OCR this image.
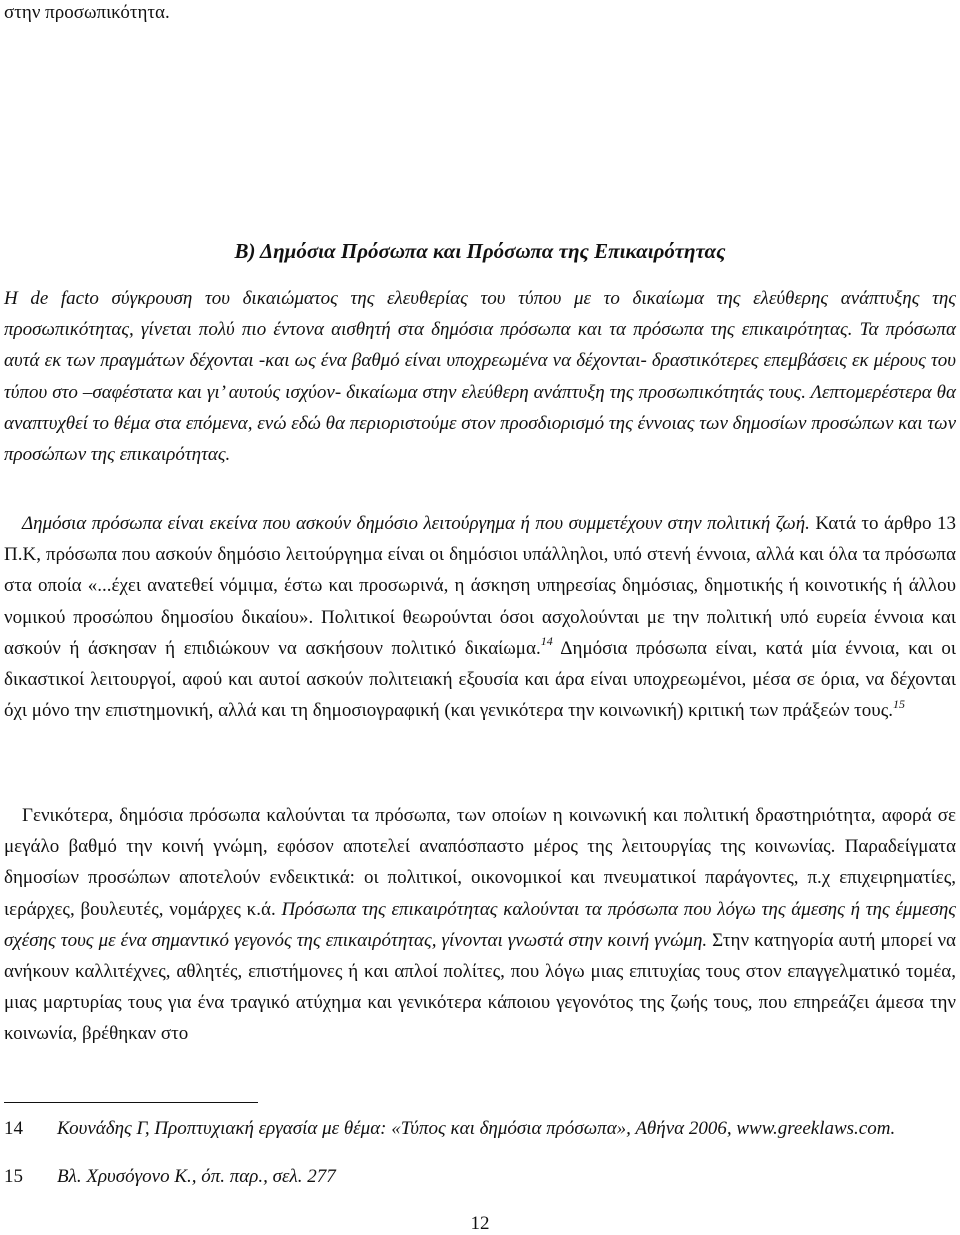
στην προσωπικότητα.
Β) Δημόσια Πρόσωπα και Πρόσωπα της Επικαιρότητας
Η de facto σύγκρουση του δικαιώματος της ελευθερίας του τύπου με το δικαίωμα της ελεύθερης ανάπτυξης της προσωπικότητας, γίνεται πολύ πιο έντονα αισθητή στα δημόσια πρόσωπα και τα πρόσωπα της επικαιρότητας. Τα πρόσωπα αυτά εκ των πραγμάτων δέχονται -και ως ένα βαθμό είναι υποχρεωμένα να δέχονται- δραστικότερες επεμβάσεις εκ μέρους του τύπου στο –σαφέστατα και γι’ αυτούς ισχύον- δικαίωμα στην ελεύθερη ανάπτυξη της προσωπικότητάς τους. Λεπτομερέστερα θα αναπτυχθεί το θέμα στα επόμενα, ενώ εδώ θα περιοριστούμε στον προσδιορισμό της έννοιας των δημοσίων προσώπων και των προσώπων της επικαιρότητας.
Δημόσια πρόσωπα είναι εκείνα που ασκούν δημόσιο λειτούργημα ή που συμμετέχουν στην πολιτική ζωή. Κατά το άρθρο 13 Π.Κ, πρόσωπα που ασκούν δημόσιο λειτούργημα είναι οι δημόσιοι υπάλληλοι, υπό στενή έννοια, αλλά και όλα τα πρόσωπα στα οποία «...έχει ανατεθεί νόμιμα, έστω και προσωρινά, η άσκηση υπηρεσίας δημόσιας, δημοτικής ή κοινοτικής ή άλλου νομικού προσώπου δημοσίου δικαίου». Πολιτικοί θεωρούνται όσοι ασχολούνται με την πολιτική υπό ευρεία έννοια και ασκούν ή άσκησαν ή επιδιώκουν να ασκήσουν πολιτικό δικαίωμα.$^{14}$ Δημόσια πρόσωπα είναι, κατά μία έννοια, και οι δικαστικοί λειτουργοί, αφού και αυτοί ασκούν πολιτειακή εξουσία και άρα είναι υποχρεωμένοι, μέσα σε όρια, να δέχονται όχι μόνο την επιστημονική, αλλά και τη δημοσιογραφική (και γενικότερα την κοινωνική) κριτική των πράξεών τους.$^{15}$
Γενικότερα, δημόσια πρόσωπα καλούνται τα πρόσωπα, των οποίων η κοινωνική και πολιτική δραστηριότητα, αφορά σε μεγάλο βαθμό την κοινή γνώμη, εφόσον αποτελεί αναπόσπαστο μέρος της λειτουργίας της κοινωνίας. Παραδείγματα δημοσίων προσώπων αποτελούν ενδεικτικά: οι πολιτικοί, οικονομικοί και πνευματικοί παράγοντες, π.χ επιχειρηματίες, ιεράρχες, βουλευτές, νομάρχες κ.ά. Πρόσωπα της επικαιρότητας καλούνται τα πρόσωπα που λόγω της άμεσης ή της έμμεσης σχέσης τους με ένα σημαντικό γεγονός της επικαιρότητας, γίνονται γνωστά στην κοινή γνώμη. Στην κατηγορία αυτή μπορεί να ανήκουν καλλιτέχνες, αθλητές, επιστήμονες ή και απλοί πολίτες, που λόγω μιας επιτυχίας τους στον επαγγελματικό τομέα, μιας μαρτυρίας τους για ένα τραγικό ατύχημα και γενικότερα κάποιου γεγονότος της ζωής τους, που επηρεάζει άμεσα την κοινωνία, βρέθηκαν στο
14 Κουνάδης Γ, Προπτυχιακή εργασία με θέμα: «Τύπος και δημόσια πρόσωπα», Αθήνα 2006, www.greeklaws.com.
15 Βλ. Χρυσόγονο Κ., όπ. παρ., σελ. 277
12
